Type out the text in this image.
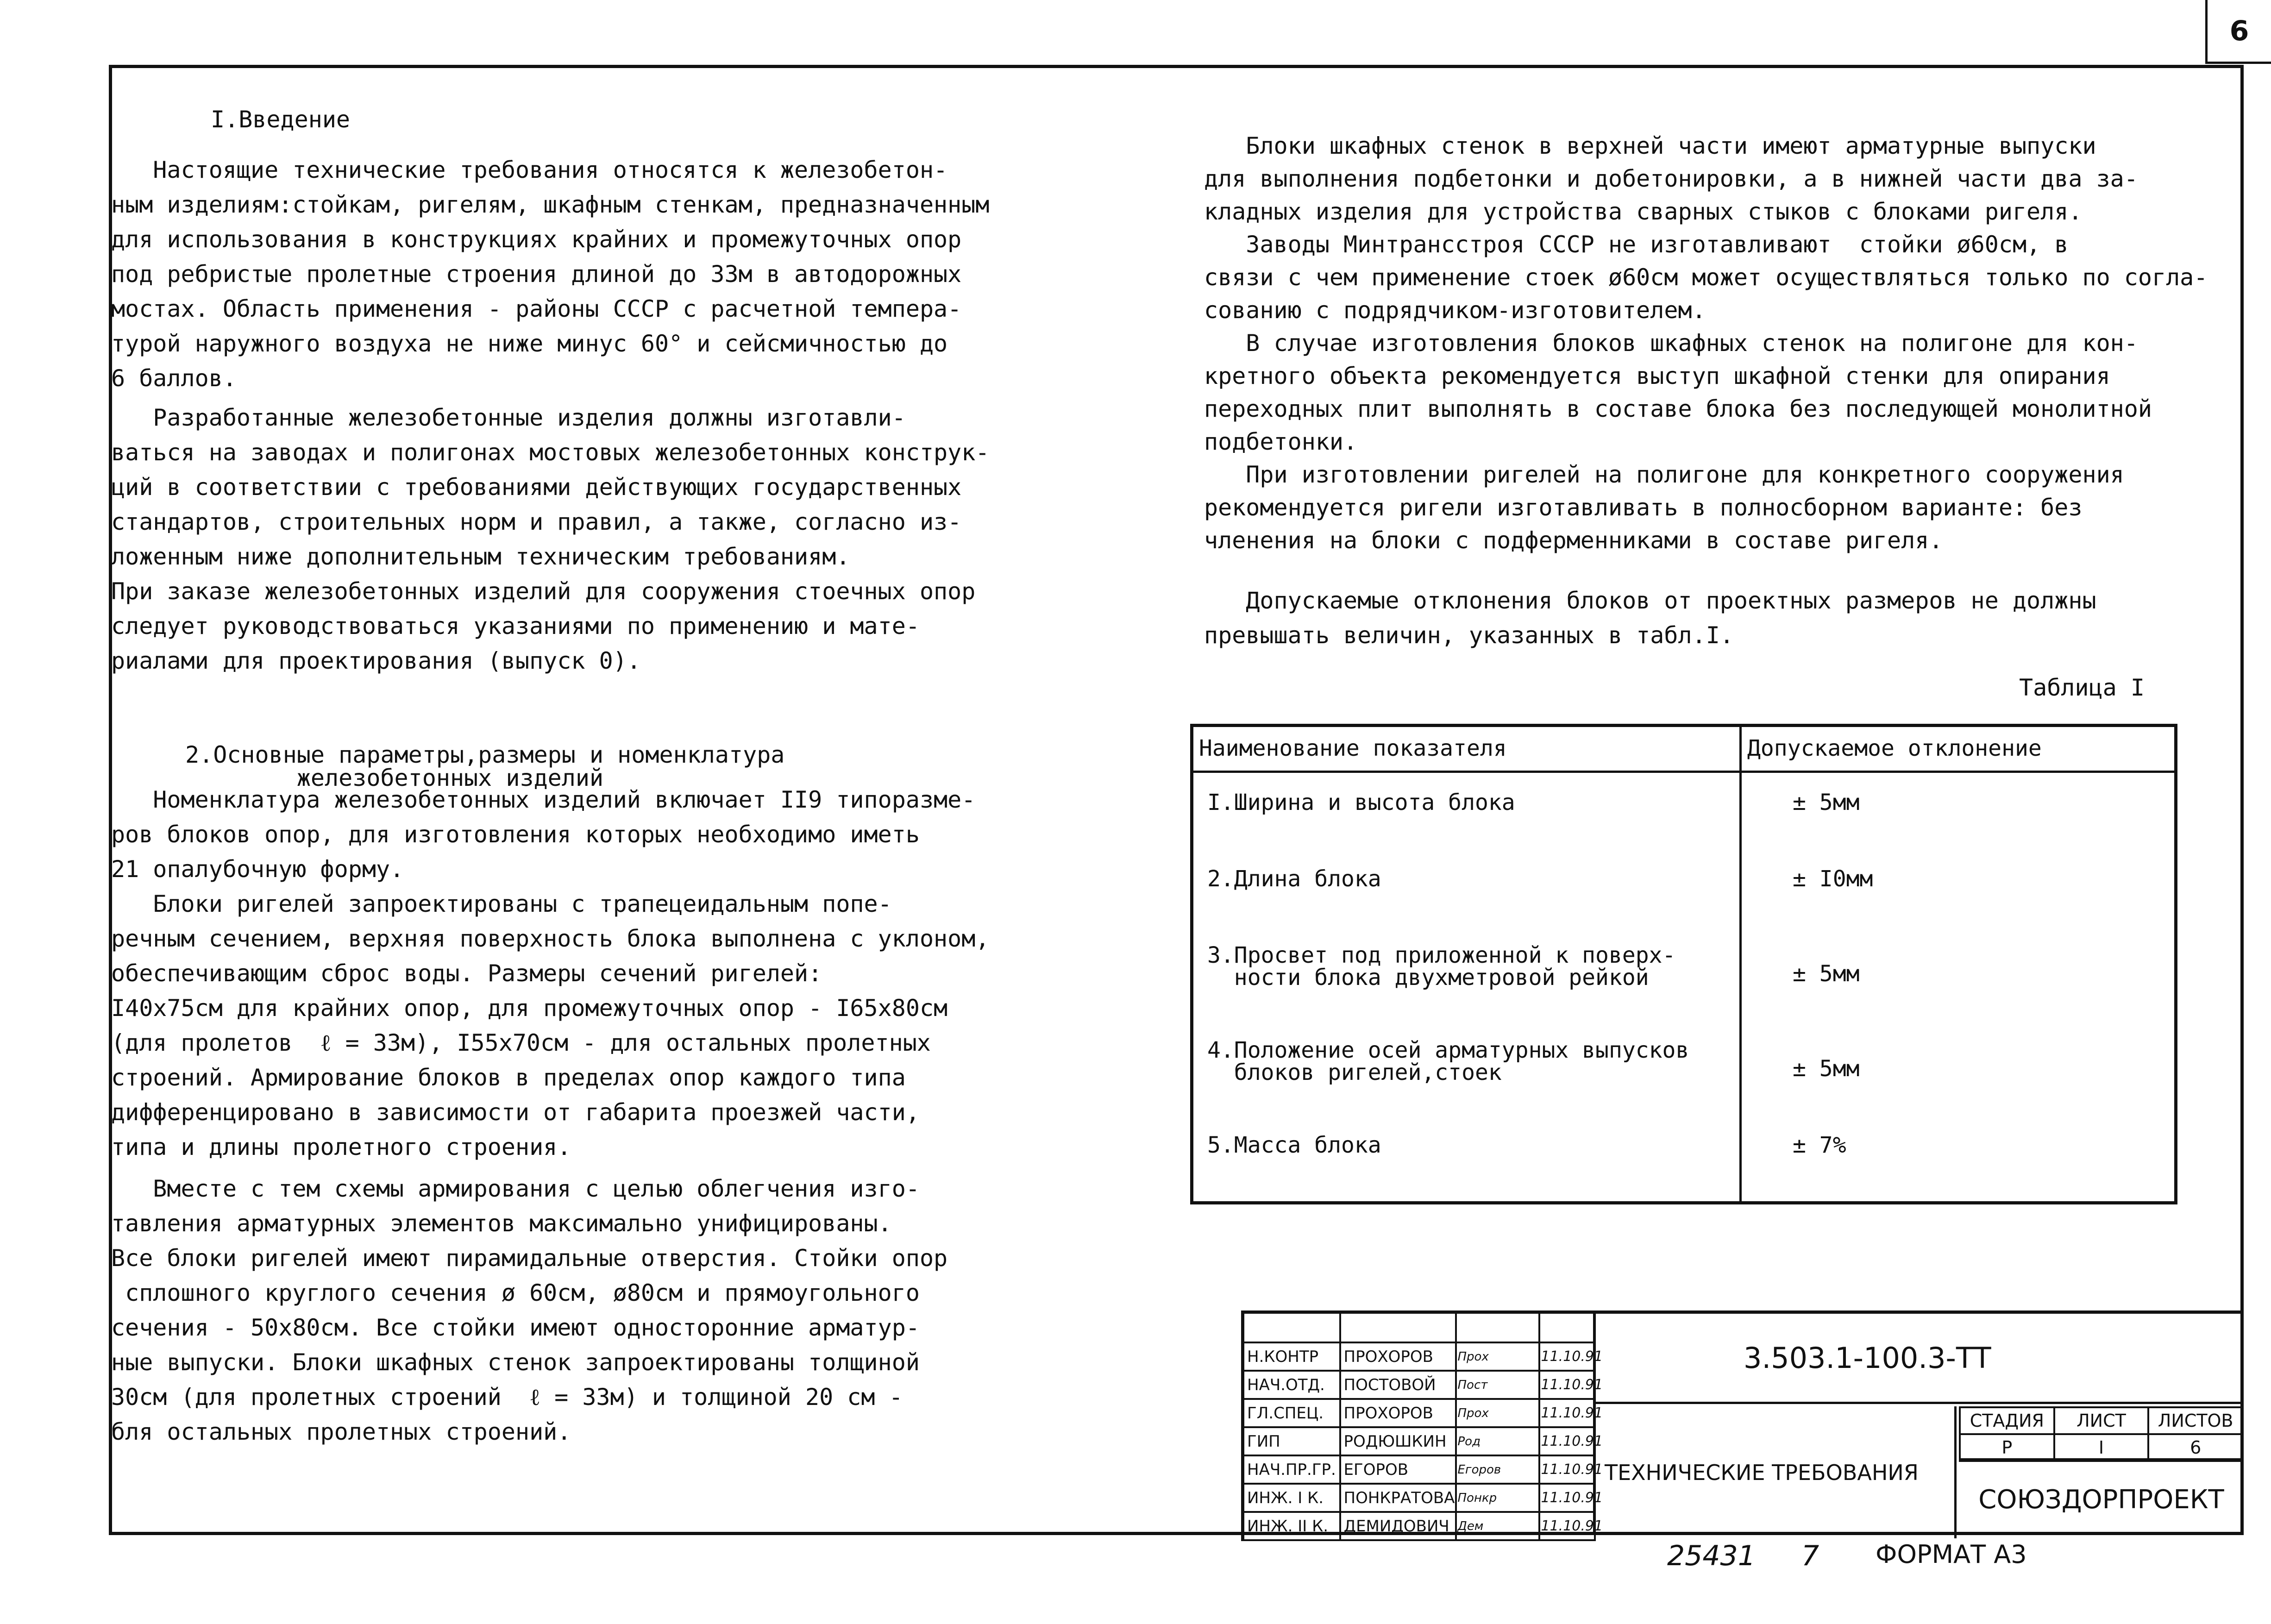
6
I.Введение
Настоящие технические требования относятся к железобетон-
ным изделиям:стойкам, ригелям, шкафным стенкам, предназначенным
для использования в конструкциях крайних и промежуточных опор
под ребристые пролетные строения длиной до 33м в автодорожных
мостах. Область применения - районы СССР с расчетной темпера-
турой наружного воздуха не ниже минус 60° и сейсмичностью до
6 баллов.
Разработанные железобетонные изделия должны изготавли-
ваться на заводах и полигонах мостовых железобетонных конструк-
ций в соответствии с требованиями действующих государственных
стандартов, строительных норм и правил, а также, согласно из-
ложенным ниже дополнительным техническим требованиям.
При заказе железобетонных изделий для сооружения стоечных опор
следует руководствоваться указаниями по применению и мате-
риалами для проектирования (выпуск 0).
2.Основные параметры,размеры и номенклатура
железобетонных изделий
Номенклатура железобетонных изделий включает II9 типоразме-
ров блоков опор, для изготовления которых необходимо иметь
21 опалубочную форму.
Блоки ригелей запроектированы с трапецеидальным попе-
речным сечением, верхняя поверхность блока выполнена с уклоном,
обеспечивающим сброс воды. Размеры сечений ригелей:
I40x75см для крайних опор, для промежуточных опор - I65x80см
(для пролетов  ℓ = 33м), I55x70см - для остальных пролетных
строений. Армирование блоков в пределах опор каждого типа
дифференцировано в зависимости от габарита проезжей части,
типа и длины пролетного строения.
Вместе с тем схемы армирования с целью облегчения изго-
тавления арматурных элементов максимально унифицированы.
Все блоки ригелей имеют пирамидальные отверстия. Стойки опор
сплошного круглого сечения ø 60см, ø80см и прямоугольного
сечения - 50x80см. Все стойки имеют односторонние арматур-
ные выпуски. Блоки шкафных стенок запроектированы толщиной
30см (для пролетных строений  ℓ = 33м) и толщиной 20 см -
бля остальных пролетных строений.
Блоки шкафных стенок в верхней части имеют арматурные выпуски
для выполнения подбетонки и добетонировки, а в нижней части два за-
кладных изделия для устройства сварных стыков с блоками ригеля.
Заводы Минтрансстроя СССР не изготавливают  стойки ø60см, в
связи с чем применение стоек ø60см может осуществляться только по согла-
сованию с подрядчиком-изготовителем.
В случае изготовления блоков шкафных стенок на полигоне для кон-
кретного объекта рекомендуется выступ шкафной стенки для опирания
переходных плит выполнять в составе блока без последующей монолитной
подбетонки.
При изготовлении ригелей на полигоне для конкретного сооружения
рекомендуется ригели изготавливать в полносборном варианте: без
членения на блоки с подферменниками в составе ригеля.
Допускаемые отклонения блоков от проектных размеров не должны
превышать величин, указанных в табл.I.
Таблица I
Наименование показателя	Допускаемое отклонение
I.Ширина и высота блока	± 5мм
2.Длина блока	± I0мм
3.Просвет под приложенной к поверх-
ности блока двухметровой рейкой	± 5мм
4.Положение осей арматурных выпусков
блоков ригелей,стоек	± 5мм
5.Масса блока	± 7%

Н.КОНТР	ПРОХОРОВ	Прох	11.10.91
НАЧ.ОТД.	ПОСТОВОЙ	Пост	11.10.91
ГЛ.СПЕЦ.	ПРОХОРОВ	Прох	11.10.91
ГИП	РОДЮШКИН	Род	11.10.91
НАЧ.ПР.ГР.	ЕГОРОВ	Егоров	11.10.91
ИНЖ. I К.	ПОНКРАТОВА	Понкр	11.10.91
ИНЖ. II К.	ДЕМИДОВИЧ	Дем	11.10.91
3.503.1-100.3-ТТ
ТЕХНИЧЕСКИЕ ТРЕБОВАНИЯ
СТАДИЯ	ЛИСТ	ЛИСТОВ
Р	I	6
СОЮЗДОРПРОЕКТ
25431 7 ФОРМАТ А3
